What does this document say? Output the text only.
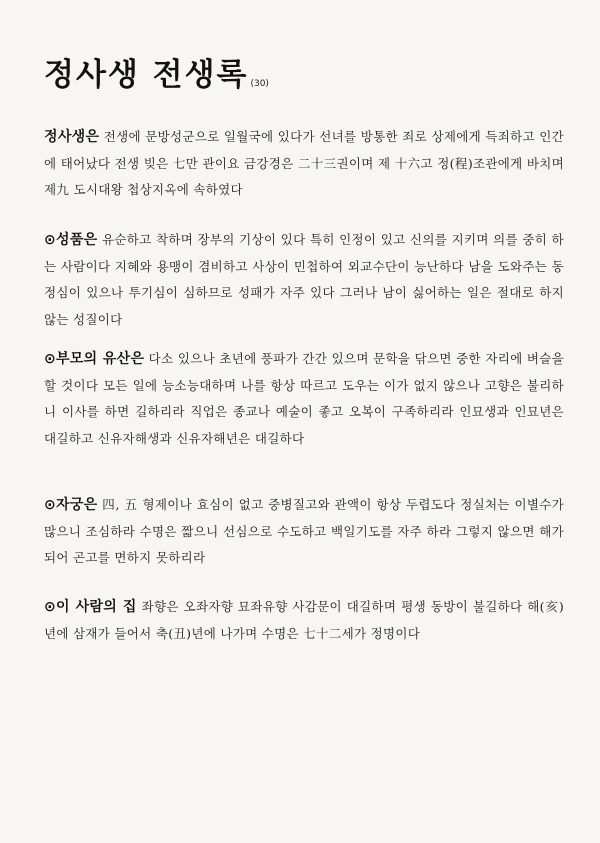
정사생 전생록 (30)
정사생은 전생에 문방성군으로 일월국에 있다가 선녀를 방통한 죄로 상제에게 득죄하고 인간에 태어났다 전생 빚은 七만 관이요 금강경은 二十三권이며 제 十六고 정(程)조관에게 바치며 제九 도시대왕 첩상지옥에 속하였다
⊙성품은 유순하고 착하며 장부의 기상이 있다 특히 인정이 있고 신의를 지키며 의를 중히 하는 사람이다 지혜와 용맹이 겸비하고 사상이 민첩하여 외교수단이 능난하다 남을 도와주는 동정심이 있으나 투기심이 심하므로 성패가 자주 있다 그러나 남이 싫어하는 일은 절대로 하지 않는 성질이다
⊙부모의 유산은 다소 있으나 초년에 풍파가 간간 있으며 문학을 닦으면 중한 자리에 벼슬을 할 것이다 모든 일에 능소능대하며 나를 항상 따르고 도우는 이가 없지 않으나 고향은 불리하니 이사를 하면 길하리라 직업은 종교나 예술이 좋고 오복이 구족하리라 인묘생과 인묘년은 대길하고 신유자해생과 신유자해년은 대길하다
⊙자궁은 四, 五 형제이나 효심이 없고 중병질고와 관액이 항상 두렵도다 정실처는 이별수가 많으니 조심하라 수명은 짧으니 선심으로 수도하고 백일기도를 자주 하라 그렇지 않으면 해가 되어 곤고를 면하지 못하리라
⊙이 사람의 집 좌향은 오좌자향 묘좌유향 사감문이 대길하며 평생 동방이 불길하다 해(亥)년에 삼재가 들어서 축(丑)년에 나가며 수명은 七十二세가 정명이다
